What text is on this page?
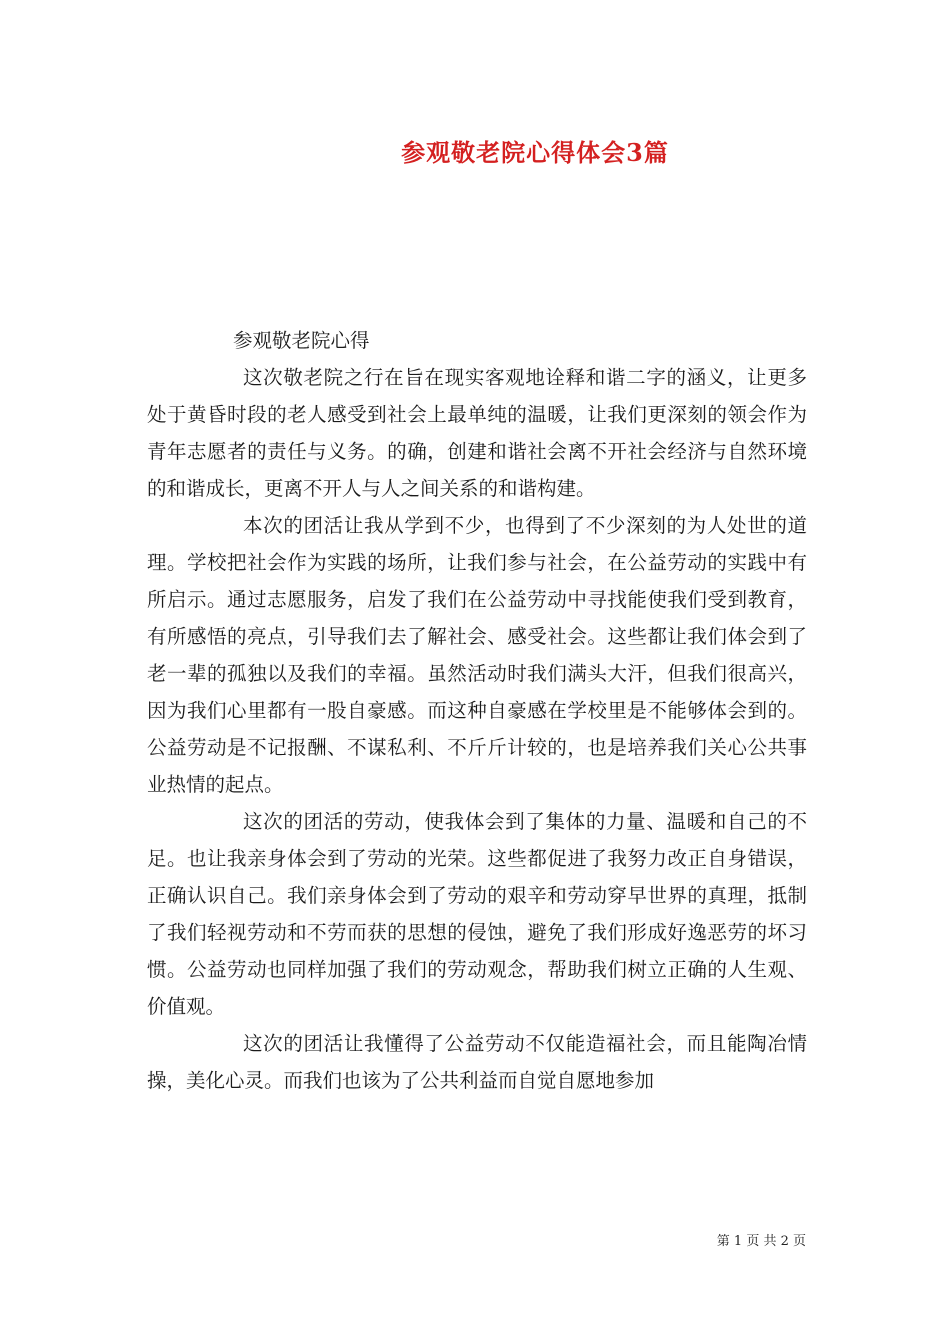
参观敬老院心得体会3篇

参观敬老院心得

这次敬老院之行在旨在现实客观地诠释和谐二字的涵义，让更多处于黄昏时段的老人感受到社会上最单纯的温暖，让我们更深刻的领会作为青年志愿者的责任与义务。的确，创建和谐社会离不开社会经济与自然环境的和谐成长，更离不开人与人之间关系的和谐构建。

本次的团活让我从学到不少，也得到了不少深刻的为人处世的道理。学校把社会作为实践的场所，让我们参与社会，在公益劳动的实践中有所启示。通过志愿服务，启发了我们在公益劳动中寻找能使我们受到教育，有所感悟的亮点，引导我们去了解社会、感受社会。这些都让我们体会到了老一辈的孤独以及我们的幸福。虽然活动时我们满头大汗，但我们很高兴，因为我们心里都有一股自豪感。而这种自豪感在学校里是不能够体会到的。公益劳动是不记报酬、不谋私利、不斤斤计较的，也是培养我们关心公共事业热情的起点。

这次的团活的劳动，使我体会到了集体的力量、温暖和自己的不足。也让我亲身体会到了劳动的光荣。这些都促进了我努力改正自身错误，正确认识自己。我们亲身体会到了劳动的艰辛和劳动穿早世界的真理，抵制了我们轻视劳动和不劳而获的思想的侵蚀，避免了我们形成好逸恶劳的坏习惯。公益劳动也同样加强了我们的劳动观念，帮助我们树立正确的人生观、价值观。

这次的团活让我懂得了公益劳动不仅能造福社会，而且能陶冶情操，美化心灵。而我们也该为了公共利益而自觉自愿地参加

第 1 页 共 2 页
